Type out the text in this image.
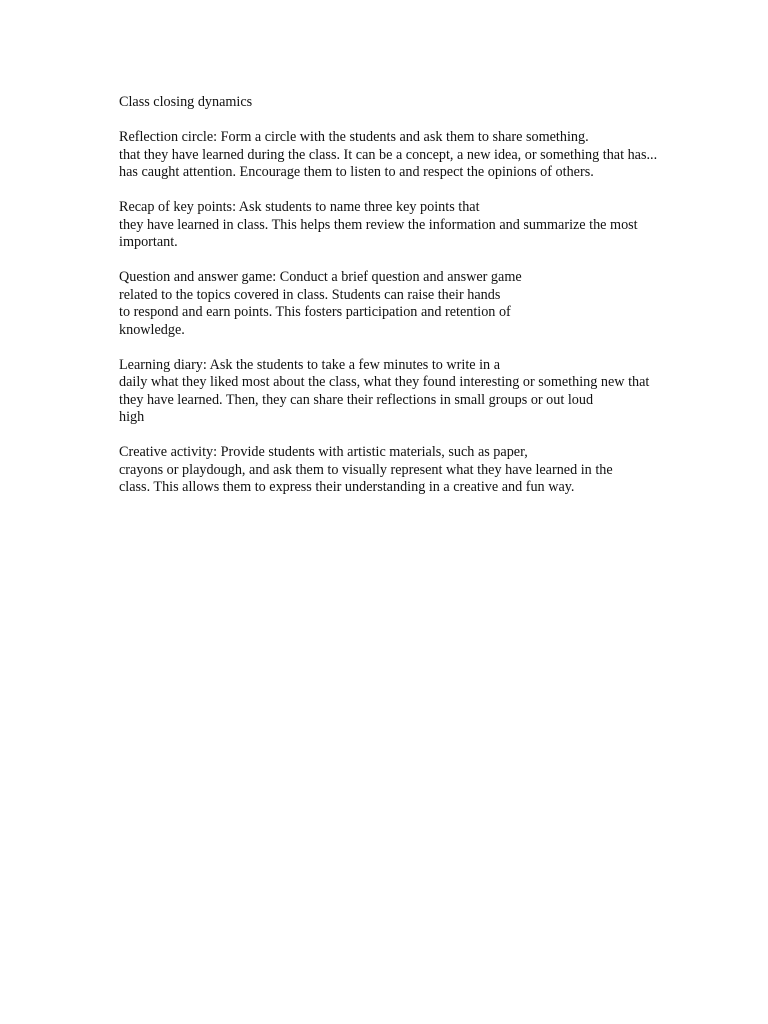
Class closing dynamics
Reflection circle: Form a circle with the students and ask them to share something.
that they have learned during the class. It can be a concept, a new idea, or something that has...
has caught attention. Encourage them to listen to and respect the opinions of others.
Recap of key points: Ask students to name three key points that
they have learned in class. This helps them review the information and summarize the most
important.
Question and answer game: Conduct a brief question and answer game
related to the topics covered in class. Students can raise their hands
to respond and earn points. This fosters participation and retention of
knowledge.
Learning diary: Ask the students to take a few minutes to write in a
daily what they liked most about the class, what they found interesting or something new that
they have learned. Then, they can share their reflections in small groups or out loud
high
Creative activity: Provide students with artistic materials, such as paper,
crayons or playdough, and ask them to visually represent what they have learned in the
class. This allows them to express their understanding in a creative and fun way.
